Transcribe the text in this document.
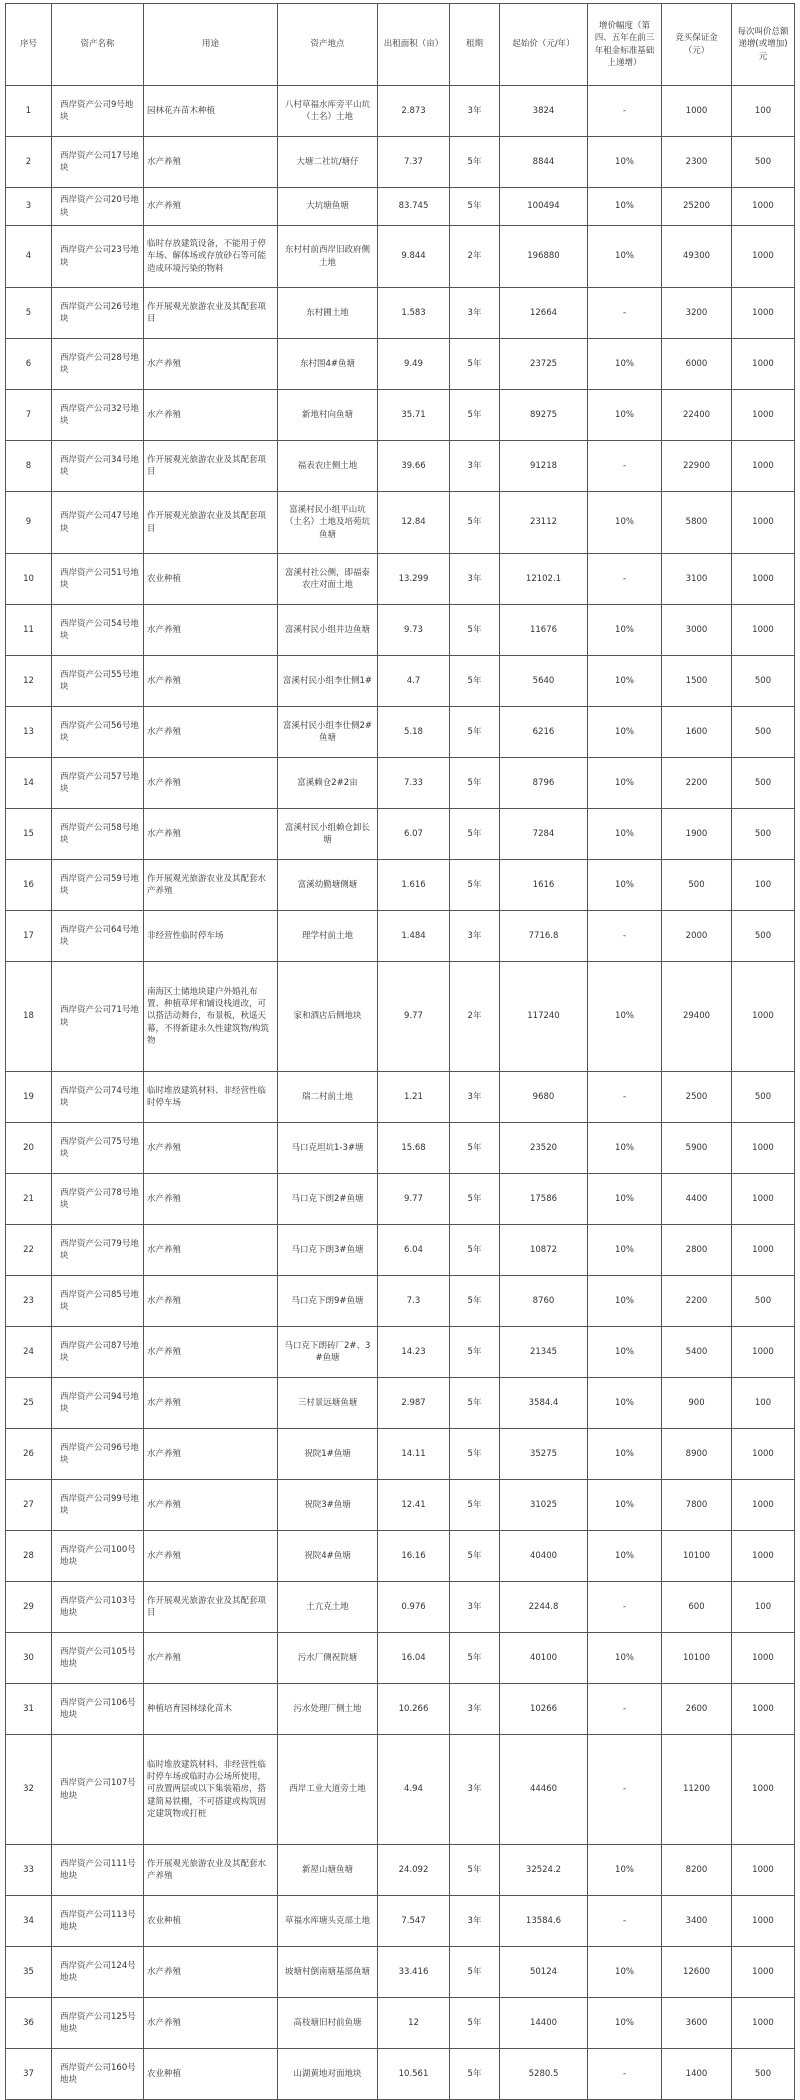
序号	资产名称	用途	资产地点	出租面积（亩）	租期	起始价（元/年）	增价幅度（第四、五年在前三年租金标准基础上递增）	竞买保证金（元）	每次叫价总额递增(或增加)元
1	西岸资产公司9号地块	园林花卉苗木种植	八村草福水库旁平山坑（土名）土地	2.873	3年	3824	-	1000	100
2	西岸资产公司17号地块	水产养殖	大塘二社坑/塘仔	7.37	5年	8844	10%	2300	500
3	西岸资产公司20号地块	水产养殖	大坑塘鱼塘	83.745	5年	100494	10%	25200	1000
4	西岸资产公司23号地块	临时存放建筑设备，不能用于停车场、解体场或存放砂石等可能造成环境污染的物料	东村村前西岸旧政府侧土地	9.844	2年	196880	10%	49300	1000
5	西岸资产公司26号地块	作开展观光旅游农业及其配套项目	东村圃土地	1.583	3年	12664	-	3200	1000
6	西岸资产公司28号地块	水产养殖	东村围4#鱼塘	9.49	5年	23725	10%	6000	1000
7	西岸资产公司32号地块	水产养殖	新地村向鱼塘	35.71	5年	89275	10%	22400	1000
8	西岸资产公司34号地块	作开展观光旅游农业及其配套项目	福表农庄侧土地	39.66	3年	91218	-	22900	1000
9	西岸资产公司47号地块	作开展观光旅游农业及其配套项目	富溪村民小组平山坑（土名）土地及培苑坑鱼塘	12.84	5年	23112	10%	5800	1000
10	西岸资产公司51号地块	农业种植	富溪村社公侧，即福泰农庄对面土地	13.299	3年	12102.1	-	3100	1000
11	西岸资产公司54号地块	水产养殖	富溪村民小组井边鱼塘	9.73	5年	11676	10%	3000	1000
12	西岸资产公司55号地块	水产养殖	富溪村民小组李仕侧1#	4.7	5年	5640	10%	1500	500
13	西岸资产公司56号地块	水产养殖	富溪村民小组李仕侧2#鱼塘	5.18	5年	6216	10%	1600	500
14	西岸资产公司57号地块	水产养殖	富溪赖仓2#2亩	7.33	5年	8796	10%	2200	500
15	西岸资产公司58号地块	水产养殖	富溪村民小组赖仓卸长塘	6.07	5年	7284	10%	1900	500
16	西岸资产公司59号地块	作开展观光旅游农业及其配套水产养殖	富溪幼勤塘侧塘	1.616	5年	1616	10%	500	100
17	西岸资产公司64号地块	非经营性临时停车场	理学村前土地	1.484	3年	7716.8	-	2000	500
18	西岸资产公司71号地块	南海区土储地块建户外婚礼布置、种植草坪和铺设栈道改，可以搭活动舞台，布景板，秋遥天幕，不得新建永久性建筑物/构筑物	家和酒店后侧地块	9.77	2年	117240	10%	29400	1000
19	西岸资产公司74号地块	临时堆放建筑材料、非经营性临时停车场	瑞二村前土地	1.21	3年	9680	-	2500	500
20	西岸资产公司75号地块	水产养殖	马口克坦坑1-3#塘	15.68	5年	23520	10%	5900	1000
21	西岸资产公司78号地块	水产养殖	马口克下朗2#鱼塘	9.77	5年	17586	10%	4400	1000
22	西岸资产公司79号地块	水产养殖	马口克下朗3#鱼塘	6.04	5年	10872	10%	2800	1000
23	西岸资产公司85号地块	水产养殖	马口克下朗9#鱼塘	7.3	5年	8760	10%	2200	500
24	西岸资产公司87号地块	水产养殖	马口克下朗砖厂2#、3#鱼塘	14.23	5年	21345	10%	5400	1000
25	西岸资产公司94号地块	水产养殖	三村景远塘鱼塘	2.987	5年	3584.4	10%	900	100
26	西岸资产公司96号地块	水产养殖	祝院1#鱼塘	14.11	5年	35275	10%	8900	1000
27	西岸资产公司99号地块	水产养殖	祝院3#鱼塘	12.41	5年	31025	10%	7800	1000
28	西岸资产公司100号地块	水产养殖	祝院4#鱼塘	16.16	5年	40400	10%	10100	1000
29	西岸资产公司103号地块	作开展观光旅游农业及其配套项目	土亢克土地	0.976	3年	2244.8	-	600	100
30	西岸资产公司105号地块	水产养殖	污水厂侧祝院塘	16.04	5年	40100	10%	10100	1000
31	西岸资产公司106号地块	种植培育园林绿化苗木	污水处理厂侧土地	10.266	3年	10266	-	2600	1000
32	西岸资产公司107号地块	临时堆放建筑材料、非经营性临时停车场或临时办公场所使用，可放置两层或以下集装箱房，搭建简易铁棚，不可搭建或构筑固定建筑物或打桩	西岸工业大道旁土地	4.94	3年	44460	-	11200	1000
33	西岸资产公司111号地块	作开展观光旅游农业及其配套水产养殖	新屋山塘鱼塘	24.092	5年	32524.2	10%	8200	1000
34	西岸资产公司113号地块	农业种植	草福水库塘头克部土地	7.547	3年	13584.6	-	3400	1000
35	西岸资产公司124号地块	水产养殖	坡塘村倒南塘基部鱼塘	33.416	5年	50124	10%	12600	1000
36	西岸资产公司125号地块	水产养殖	高枝塘旧村前鱼塘	12	5年	14400	10%	3600	1000
37	西岸资产公司160号地块	农业种植	山湖黄地对面地块	10.561	5年	5280.5	-	1400	500
